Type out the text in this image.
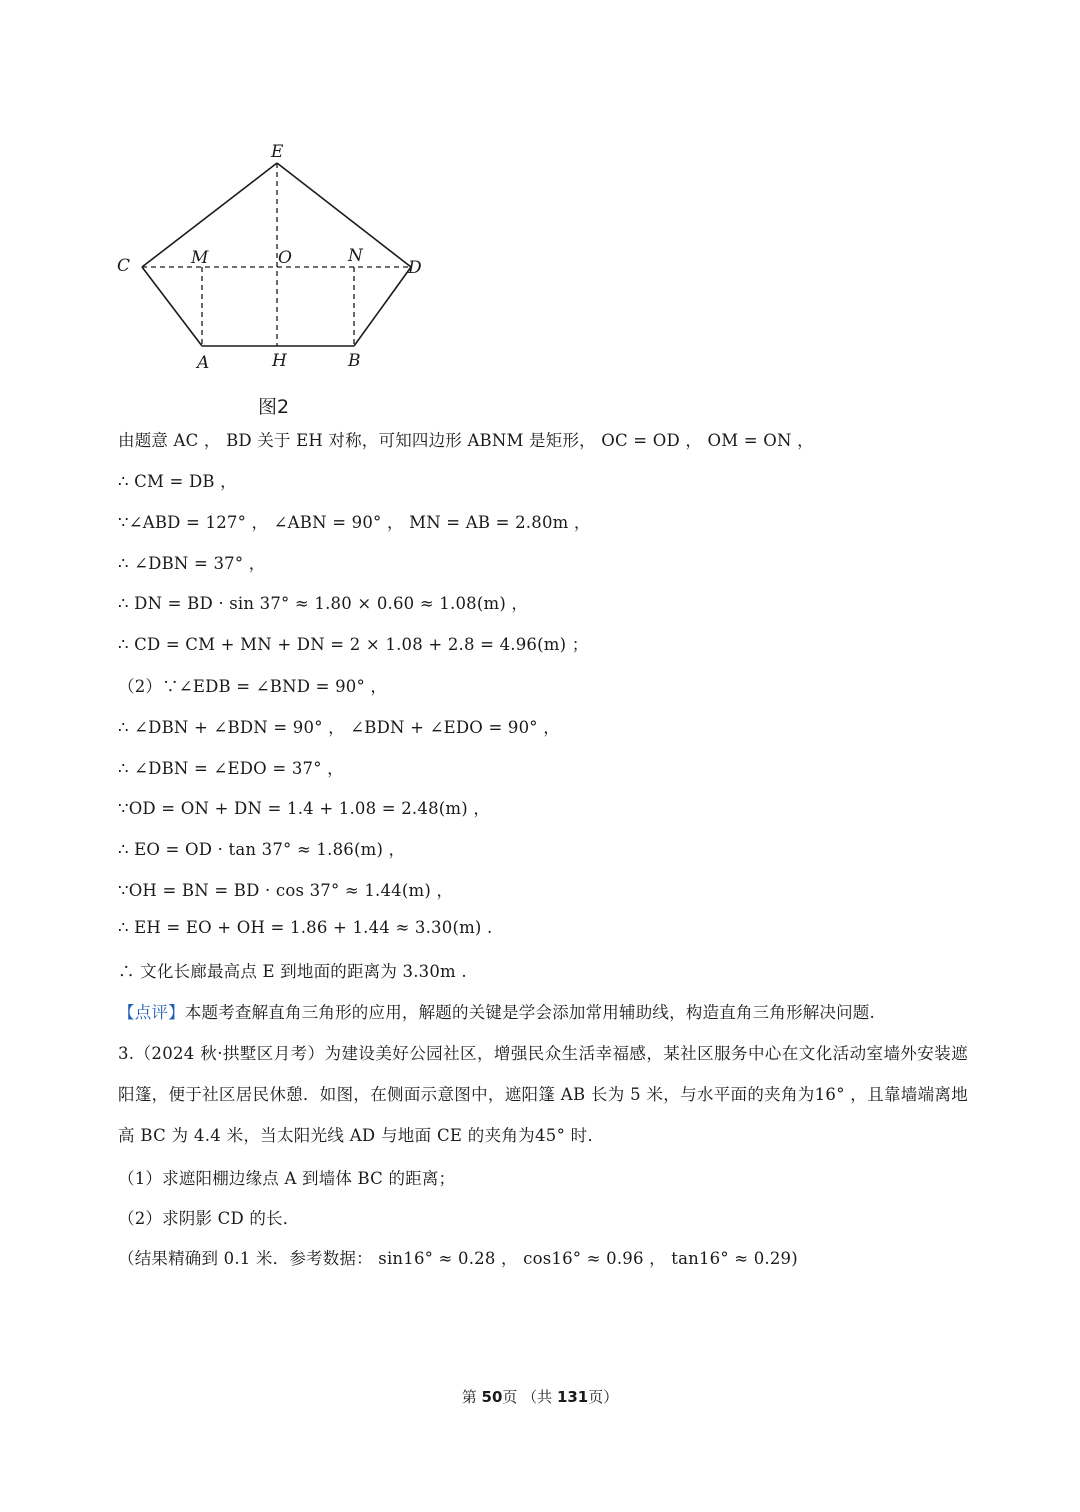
E
C	M	O	N
D
A	H	B
图2
由题意 AC ， BD 关于 EH 对称，可知四边形 ABNM 是矩形， OC = OD ， OM = ON ，
∴ CM = DB ，
∵∠ABD = 127° ， ∠ABN = 90° ， MN = AB = 2.80m ，
∴ ∠DBN = 37° ，
∴ DN = BD · sin 37° ≈ 1.80 × 0.60 ≈ 1.08(m) ，
∴ CD = CM + MN + DN = 2 × 1.08 + 2.8 = 4.96(m) ；
（2）∵∠EDB = ∠BND = 90° ，
∴ ∠DBN + ∠BDN = 90° ， ∠BDN + ∠EDO = 90° ，
∴ ∠DBN = ∠EDO = 37° ，
∵OD = ON + DN = 1.4 + 1.08 = 2.48(m) ，
∴ EO = OD · tan 37° ≈ 1.86(m) ，
∵OH = BN = BD · cos 37° ≈ 1.44(m) ，
∴ EH = EO + OH = 1.86 + 1.44 ≈ 3.30(m) .
∴ 文化长廊最高点 E 到地面的距离为 3.30m .
【点评】本题考查解直角三角形的应用，解题的关键是学会添加常用辅助线，构造直角三角形解决问题.
3.（2024 秋·拱墅区月考）为建设美好公园社区，增强民众生活幸福感，某社区服务中心在文化活动室墙外安装遮阳篷，便于社区居民休憩．如图，在侧面示意图中，遮阳篷 AB 长为 5 米，与水平面的夹角为16° ，且靠墙端离地高 BC 为 4.4 米，当太阳光线 AD 与地面 CE 的夹角为45° 时．
（1）求遮阳棚边缘点 A 到墙体 BC 的距离；
（2）求阴影 CD 的长．
（结果精确到 0.1 米．参考数据： sin16° ≈ 0.28 ， cos16° ≈ 0.96 ， tan16° ≈ 0.29)
第 50页 （共 131页）
